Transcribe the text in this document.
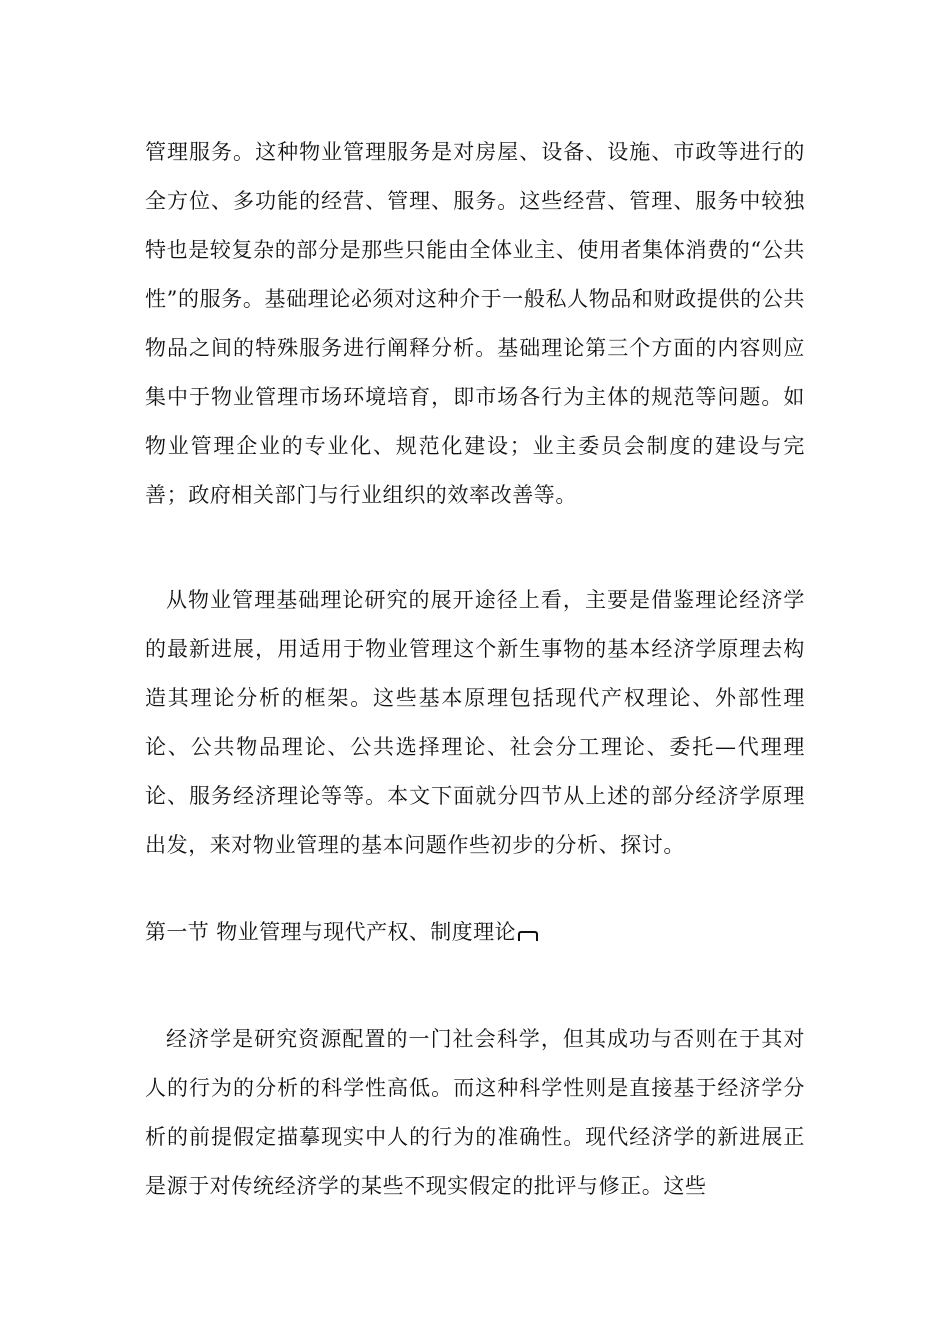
管理服务。这种物业管理服务是对房屋、设备、设施、市政等进行的全方位、多功能的经营、管理、服务。这些经营、管理、服务中较独特也是较复杂的部分是那些只能由全体业主、使用者集体消费的“公共性”的服务。基础理论必须对这种介于一般私人物品和财政提供的公共物品之间的特殊服务进行阐释分析。基础理论第三个方面的内容则应集中于物业管理市场环境培育，即市场各行为主体的规范等问题。如物业管理企业的专业化、规范化建设；业主委员会制度的建设与完善；政府相关部门与行业组织的效率改善等。

从物业管理基础理论研究的展开途径上看，主要是借鉴理论经济学的最新进展，用适用于物业管理这个新生事物的基本经济学原理去构造其理论分析的框架。这些基本原理包括现代产权理论、外部性理论、公共物品理论、公共选择理论、社会分工理论、委托—代理理论、服务经济理论等等。本文下面就分四节从上述的部分经济学原理出发，来对物业管理的基本问题作些初步的分析、探讨。

第一节 物业管理与现代产权、制度理论

经济学是研究资源配置的一门社会科学，但其成功与否则在于其对人的行为的分析的科学性高低。而这种科学性则是直接基于经济学分析的前提假定描摹现实中人的行为的准确性。现代经济学的新进展正是源于对传统经济学的某些不现实假定的批评与修正。这些
